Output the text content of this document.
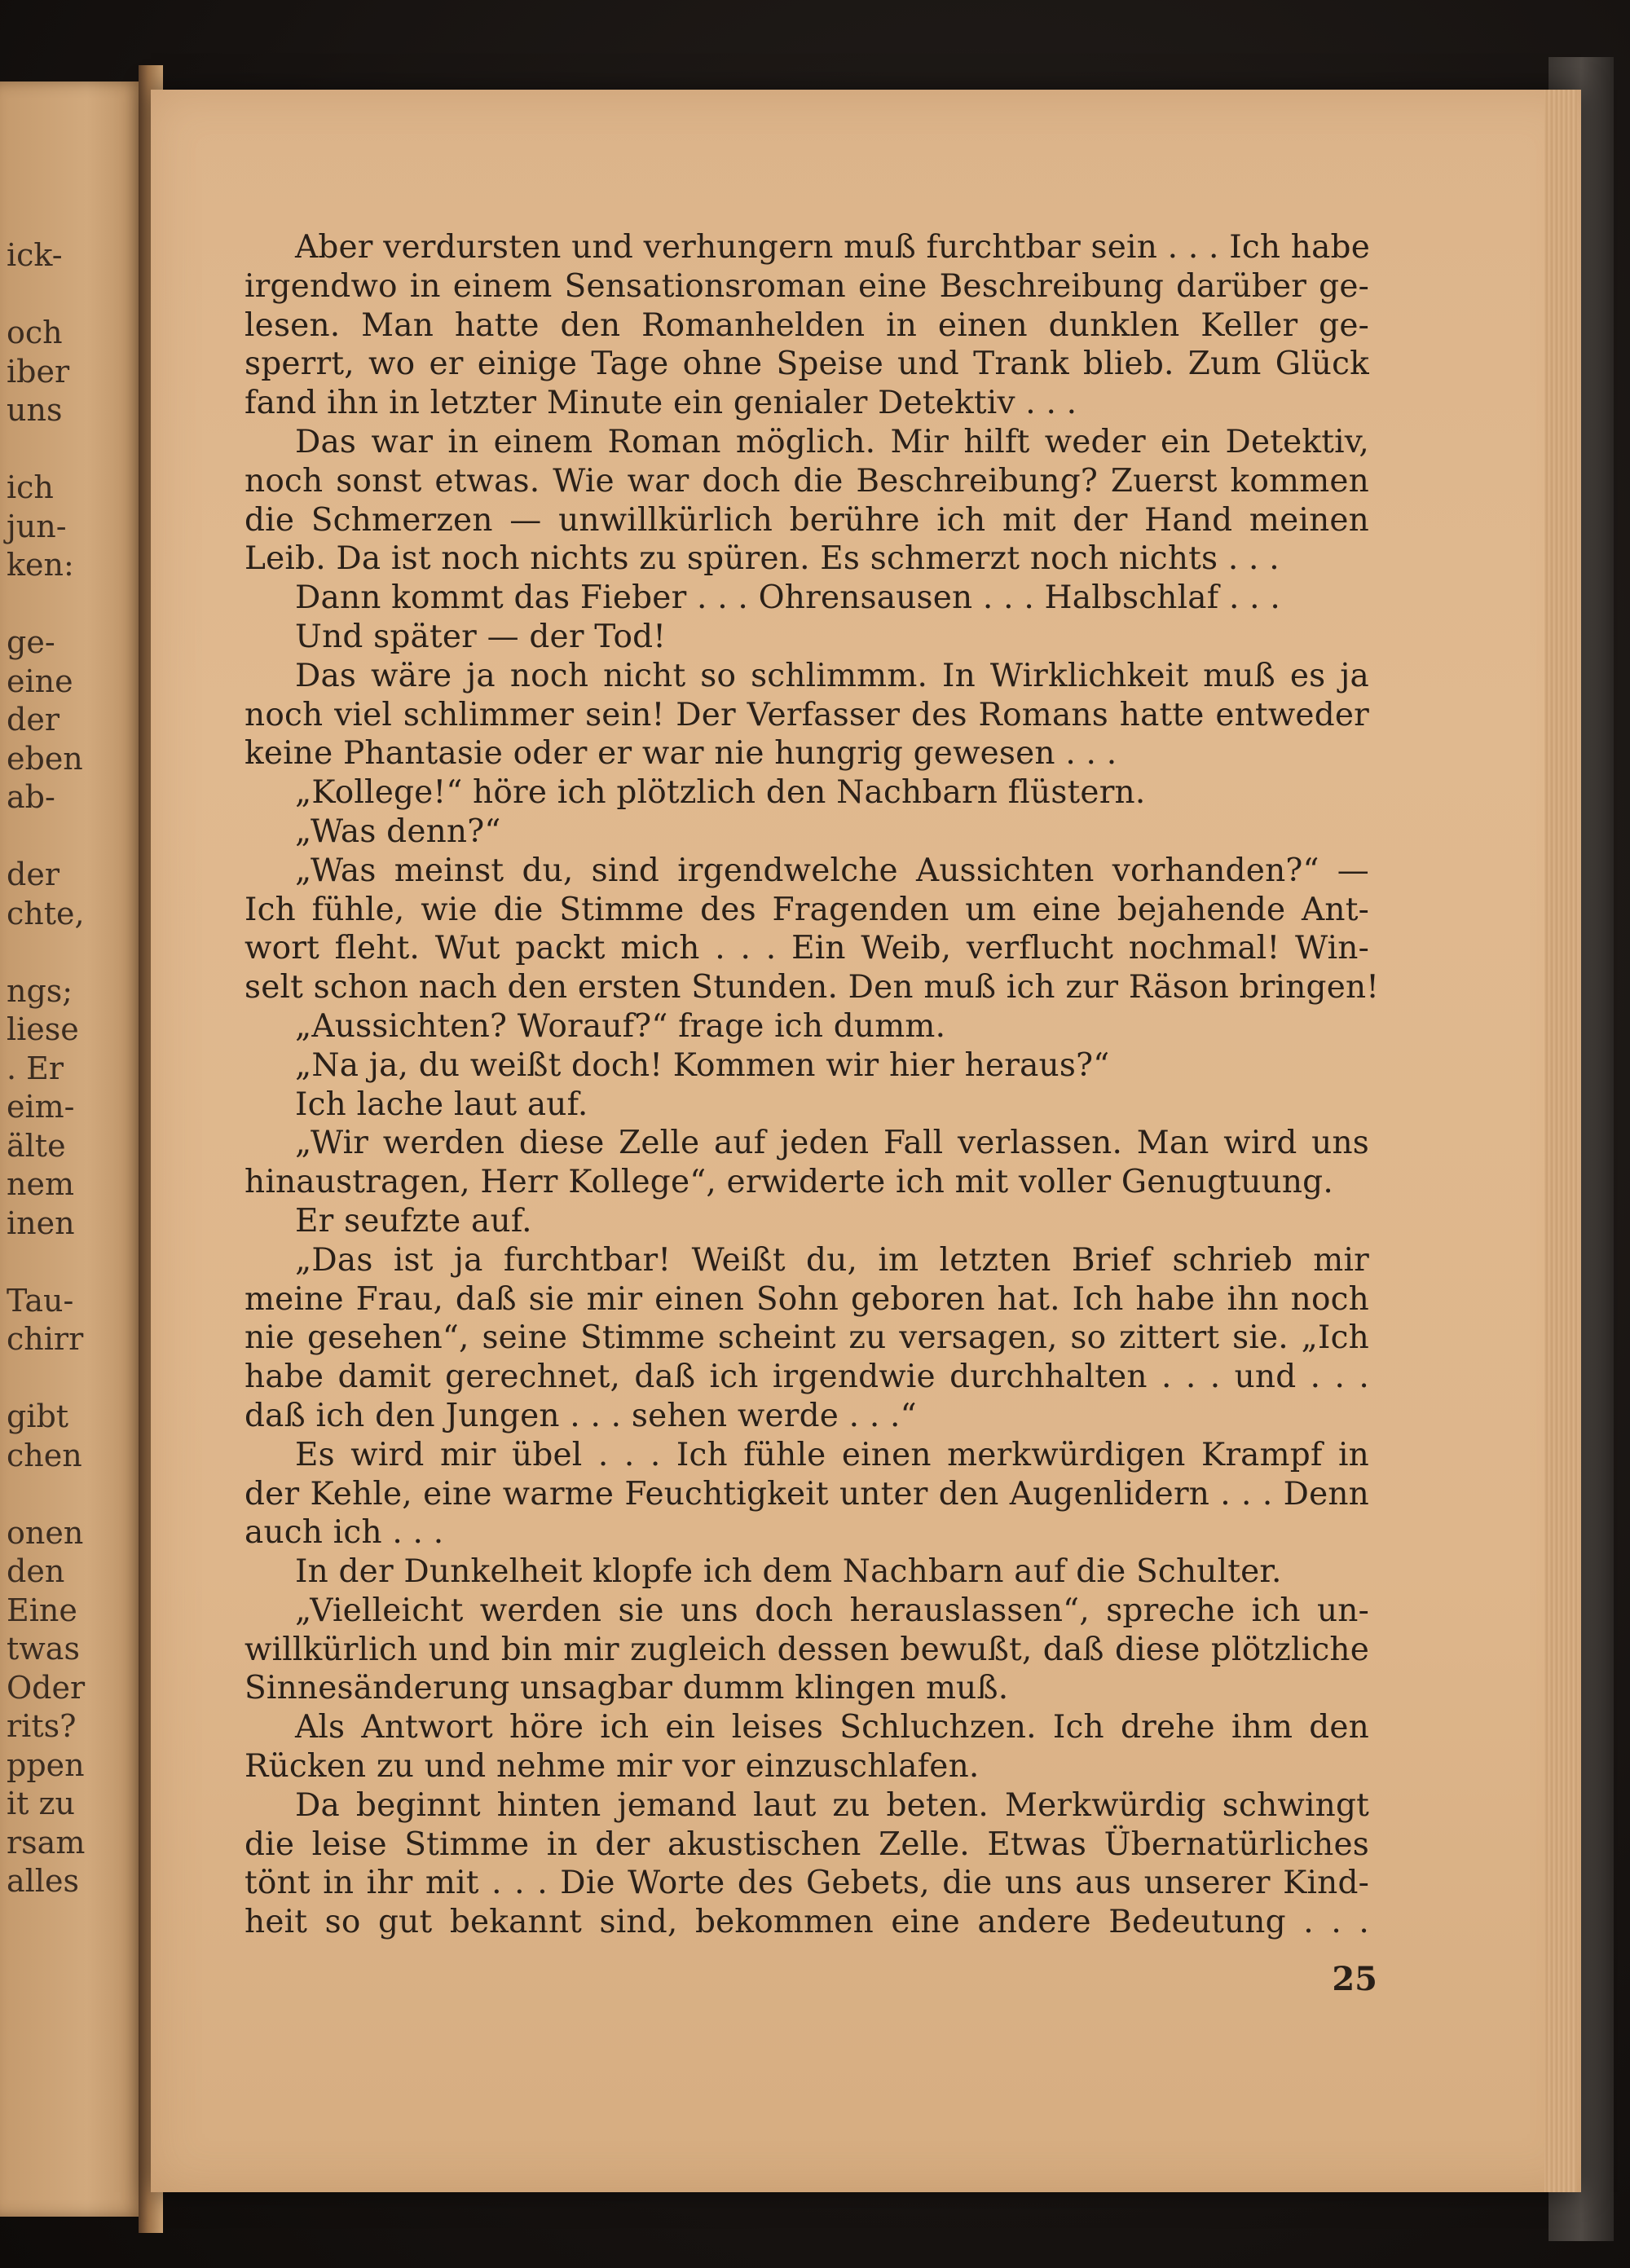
ick-
och
iber
uns
ich
jun-
ken:
ge-
eine
der
eben
ab-
der
chte,
ngs;
liese
. Er
eim-
älte
nem
inen
Tau-
chirr
gibt
chen
onen
den
Eine
twas
Oder
rits?
ppen
it zu
rsam
alles
Aber verdursten und verhungern muß furchtbar sein . . . Ich habe
irgendwo in einem Sensationsroman eine Beschreibung darüber ge-
lesen. Man hatte den Romanhelden in einen dunklen Keller ge-
sperrt, wo er einige Tage ohne Speise und Trank blieb. Zum Glück
fand ihn in letzter Minute ein genialer Detektiv . . .
Das war in einem Roman möglich. Mir hilft weder ein Detektiv,
noch sonst etwas. Wie war doch die Beschreibung? Zuerst kommen
die Schmerzen — unwillkürlich berühre ich mit der Hand meinen
Leib. Da ist noch nichts zu spüren. Es schmerzt noch nichts . . .
Dann kommt das Fieber . . . Ohrensausen . . . Halbschlaf . . .
Und später — der Tod!
Das wäre ja noch nicht so schlimmm. In Wirklichkeit muß es ja
noch viel schlimmer sein! Der Verfasser des Romans hatte entweder
keine Phantasie oder er war nie hungrig gewesen . . .
„Kollege!“ höre ich plötzlich den Nachbarn flüstern.
„Was denn?“
„Was meinst du, sind irgendwelche Aussichten vorhanden?“ —
Ich fühle, wie die Stimme des Fragenden um eine bejahende Ant-
wort fleht. Wut packt mich . . . Ein Weib, verflucht nochmal! Win-
selt schon nach den ersten Stunden. Den muß ich zur Räson bringen!
„Aussichten? Worauf?“ frage ich dumm.
„Na ja, du weißt doch! Kommen wir hier heraus?“
Ich lache laut auf.
„Wir werden diese Zelle auf jeden Fall verlassen. Man wird uns
hinaustragen, Herr Kollege“, erwiderte ich mit voller Genugtuung.
Er seufzte auf.
„Das ist ja furchtbar! Weißt du, im letzten Brief schrieb mir
meine Frau, daß sie mir einen Sohn geboren hat. Ich habe ihn noch
nie gesehen“, seine Stimme scheint zu versagen, so zittert sie. „Ich
habe damit gerechnet, daß ich irgendwie durchhalten . . . und . . .
daß ich den Jungen . . . sehen werde . . .“
Es wird mir übel . . . Ich fühle einen merkwürdigen Krampf in
der Kehle, eine warme Feuchtigkeit unter den Augenlidern . . . Denn
auch ich . . .
In der Dunkelheit klopfe ich dem Nachbarn auf die Schulter.
„Vielleicht werden sie uns doch herauslassen“, spreche ich un-
willkürlich und bin mir zugleich dessen bewußt, daß diese plötzliche
Sinnesänderung unsagbar dumm klingen muß.
Als Antwort höre ich ein leises Schluchzen. Ich drehe ihm den
Rücken zu und nehme mir vor einzuschlafen.
Da beginnt hinten jemand laut zu beten. Merkwürdig schwingt
die leise Stimme in der akustischen Zelle. Etwas Übernatürliches
tönt in ihr mit . . . Die Worte des Gebets, die uns aus unserer Kind-
heit so gut bekannt sind, bekommen eine andere Bedeutung . . .
25
